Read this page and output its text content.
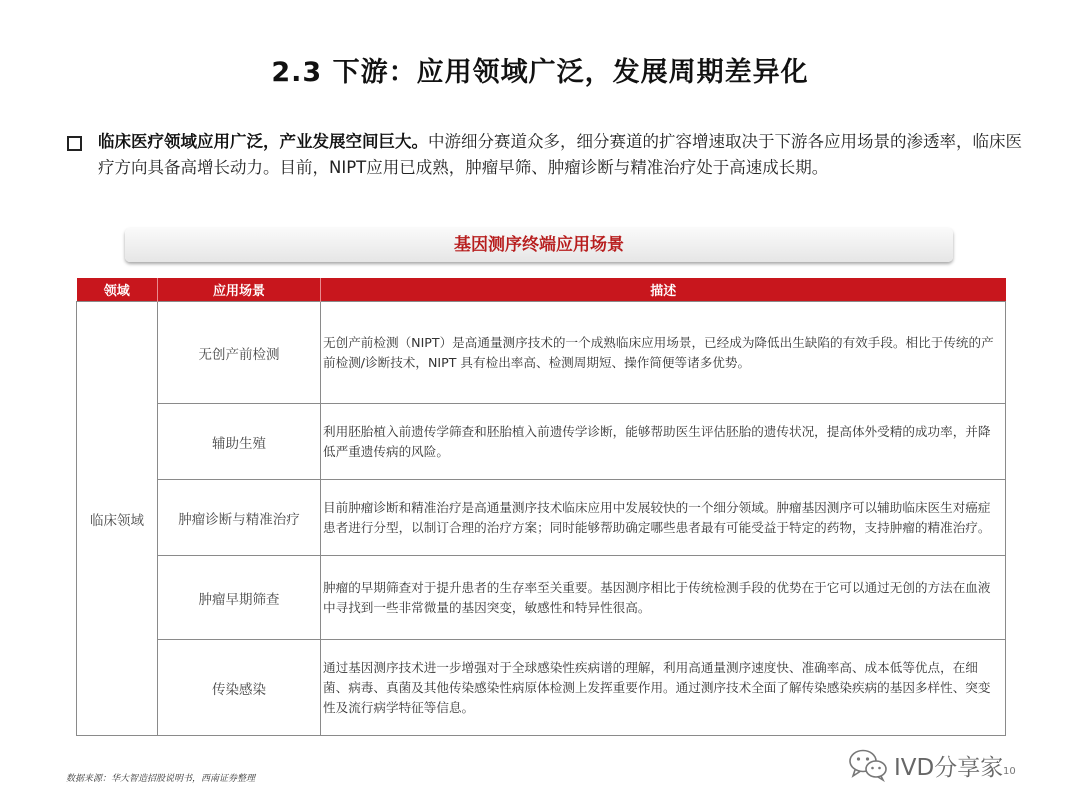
2.3 下游：应用领域广泛，发展周期差异化

临床医疗领域应用广泛，产业发展空间巨大。中游细分赛道众多，细分赛道的扩容增速取决于下游各应用场景的渗透率，临床医疗方向具备高增长动力。目前，NIPT应用已成熟，肿瘤早筛、肿瘤诊断与精准治疗处于高速成长期。

基因测序终端应用场景
领域	应用场景	描述
临床领域	无创产前检测	无创产前检测（NIPT）是高通量测序技术的一个成熟临床应用场景，已经成为降低出生缺陷的有效手段。相比于传统的产前检测/诊断技术，NIPT 具有检出率高、检测周期短、操作简便等诸多优势。
	辅助生殖	利用胚胎植入前遗传学筛查和胚胎植入前遗传学诊断，能够帮助医生评估胚胎的遗传状况，提高体外受精的成功率，并降低严重遗传病的风险。
	肿瘤诊断与精准治疗	目前肿瘤诊断和精准治疗是高通量测序技术临床应用中发展较快的一个细分领域。肿瘤基因测序可以辅助临床医生对癌症患者进行分型，以制订合理的治疗方案；同时能够帮助确定哪些患者最有可能受益于特定的药物，支持肿瘤的精准治疗。
	肿瘤早期筛查	肿瘤的早期筛查对于提升患者的生存率至关重要。基因测序相比于传统检测手段的优势在于它可以通过无创的方法在血液中寻找到一些非常微量的基因突变，敏感性和特异性很高。
	传染感染	通过基因测序技术进一步增强对于全球感染性疾病谱的理解，利用高通量测序速度快、准确率高、成本低等优点，在细菌、病毒、真菌及其他传染感染性病原体检测上发挥重要作用。通过测序技术全面了解传染感染疾病的基因多样性、突变性及流行病学特征等信息。
数据来源：华大智造招股说明书，西南证券整理	IVD分享家 10
